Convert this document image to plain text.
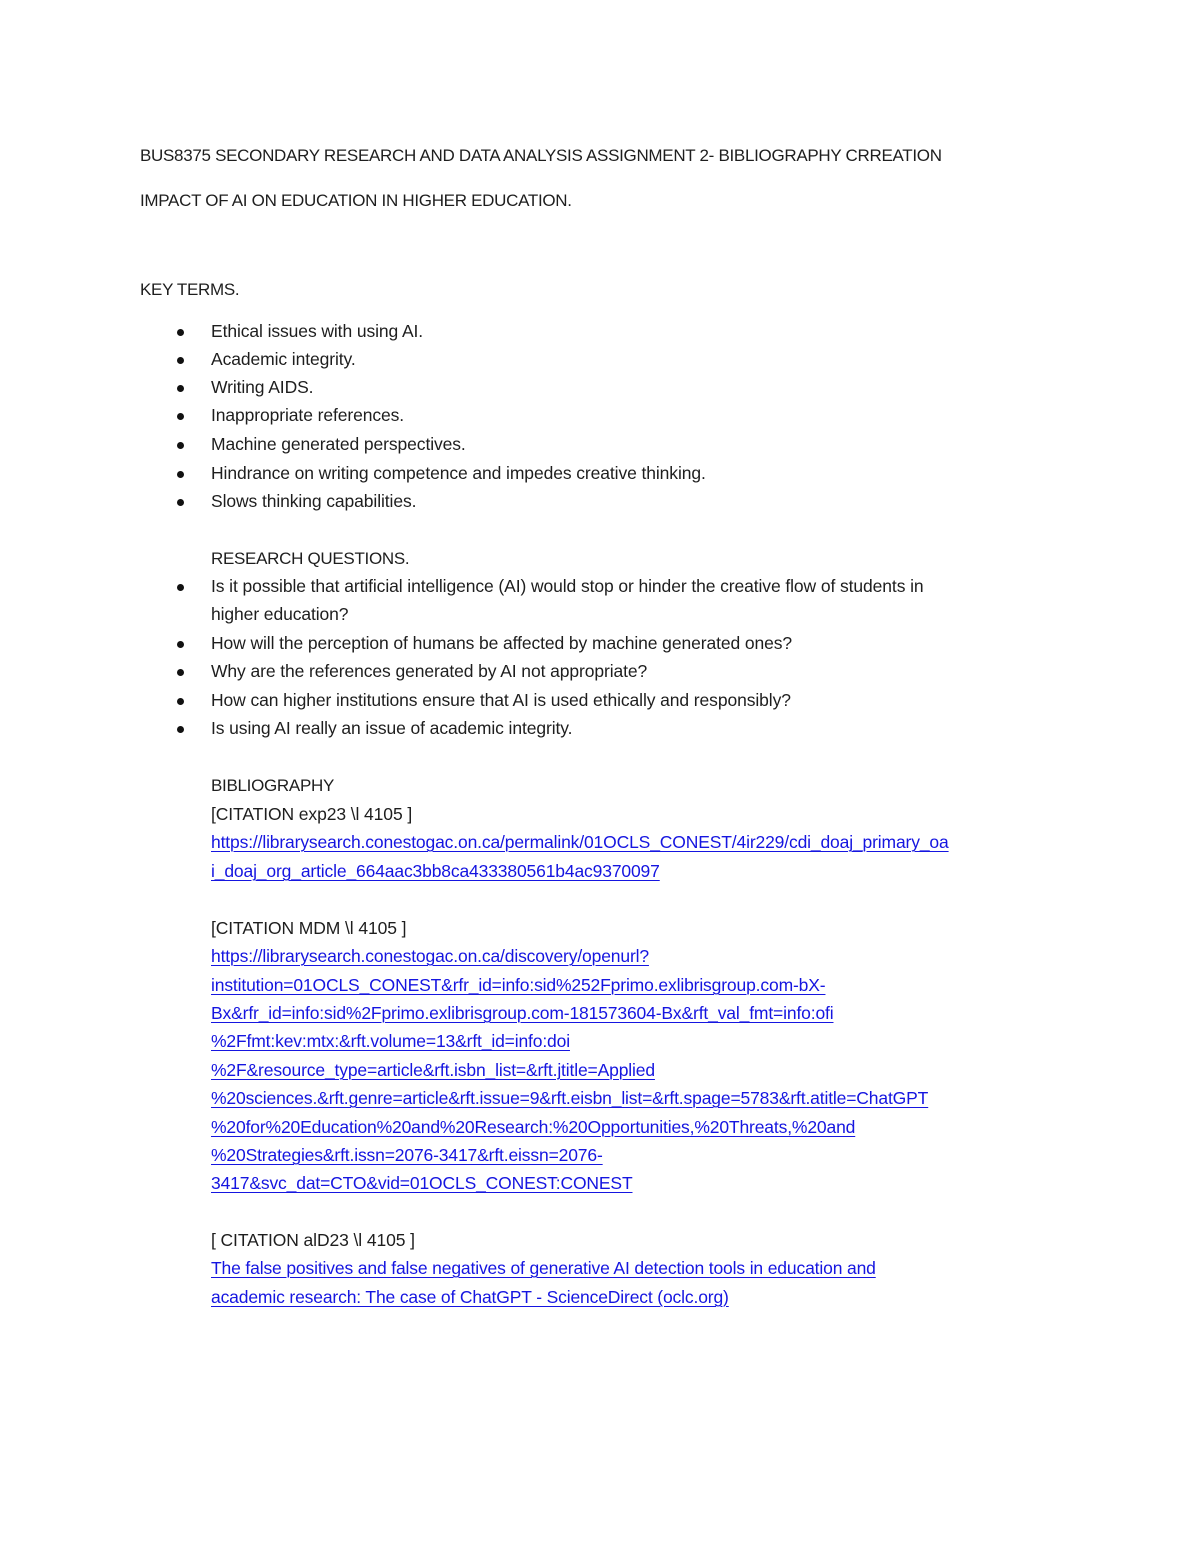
BUS8375 SECONDARY RESEARCH AND DATA ANALYSIS ASSIGNMENT 2- BIBLIOGRAPHY CRREATION
IMPACT OF AI ON EDUCATION IN HIGHER EDUCATION.
KEY TERMS.
Ethical issues with using AI.
Academic integrity.
Writing AIDS.
Inappropriate references.
Machine generated perspectives.
Hindrance on writing competence and impedes creative thinking.
Slows thinking capabilities.
RESEARCH QUESTIONS.
Is it possible that artificial intelligence (AI) would stop or hinder the creative flow of students in
higher education?
How will the perception of humans be affected by machine generated ones?
Why are the references generated by AI not appropriate?
How can higher institutions ensure that AI is used ethically and responsibly?
Is using AI really an issue of academic integrity.
BIBLIOGRAPHY
[CITATION exp23 \l 4105 ]
https://librarysearch.conestogac.on.ca/permalink/01OCLS_CONEST/4ir229/cdi_doaj_primary_oa
i_doaj_org_article_664aac3bb8ca433380561b4ac9370097
[CITATION MDM \l 4105 ]
https://librarysearch.conestogac.on.ca/discovery/openurl?
institution=01OCLS_CONEST&rfr_id=info:sid%252Fprimo.exlibrisgroup.com-bX-
Bx&rfr_id=info:sid%2Fprimo.exlibrisgroup.com-181573604-Bx&rft_val_fmt=info:ofi
%2Ffmt:kev:mtx:&rft.volume=13&rft_id=info:doi
%2F&resource_type=article&rft.isbn_list=&rft.jtitle=Applied
%20sciences.&rft.genre=article&rft.issue=9&rft.eisbn_list=&rft.spage=5783&rft.atitle=ChatGPT
%20for%20Education%20and%20Research:%20Opportunities,%20Threats,%20and
%20Strategies&rft.issn=2076-3417&rft.eissn=2076-
3417&svc_dat=CTO&vid=01OCLS_CONEST:CONEST
[ CITATION alD23 \l 4105 ]
The false positives and false negatives of generative AI detection tools in education and
academic research: The case of ChatGPT - ScienceDirect (oclc.org)
